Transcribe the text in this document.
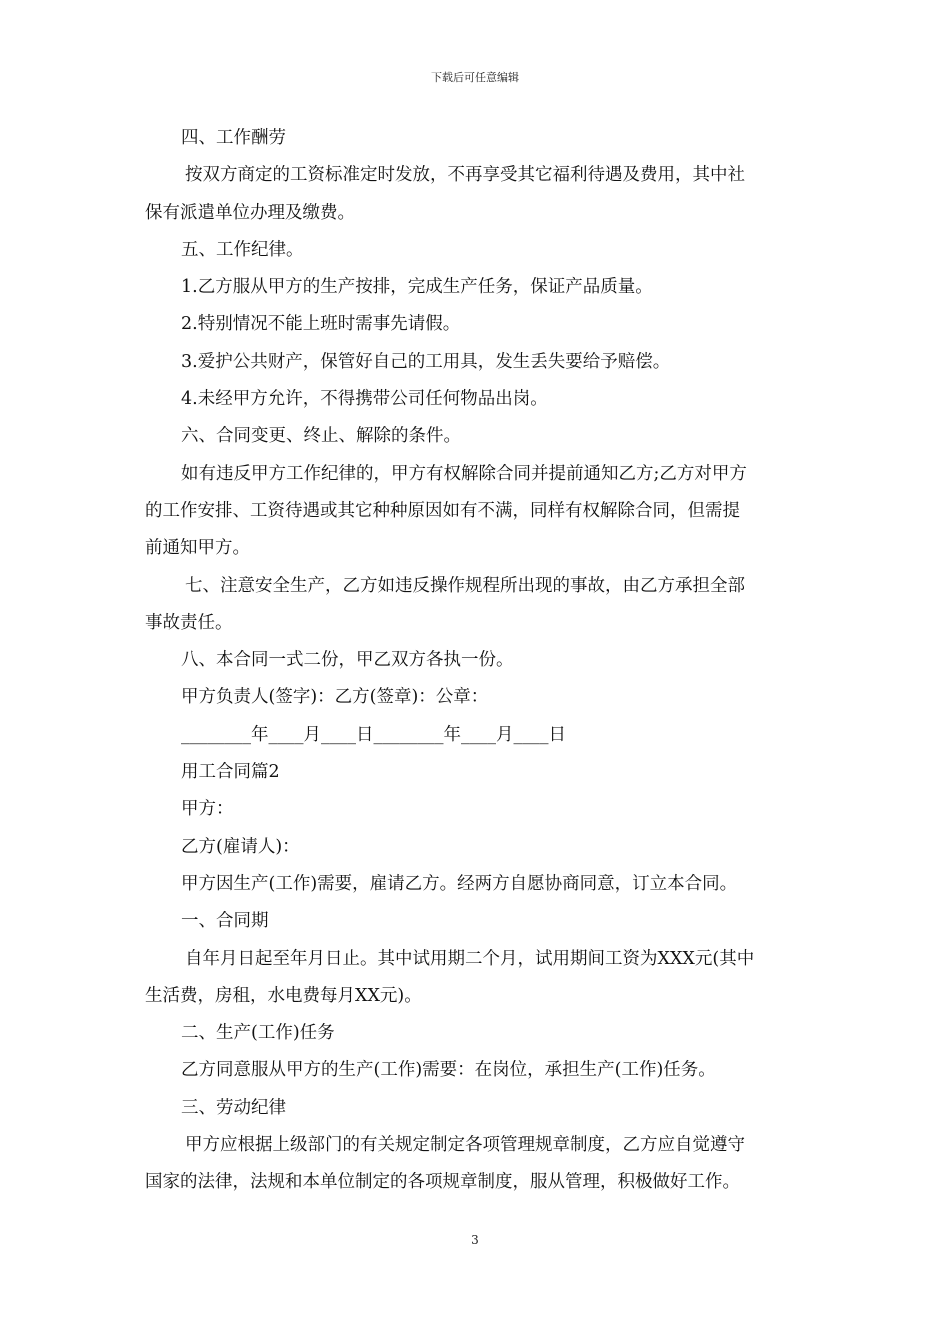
下载后可任意编辑
四、工作酬劳
按双方商定的工资标准定时发放，不再享受其它福利待遇及费用，其中社
保有派遣单位办理及缴费。
五、工作纪律。
1.乙方服从甲方的生产按排，完成生产任务，保证产品质量。
2.特别情况不能上班时需事先请假。
3.爱护公共财产，保管好自己的工用具，发生丢失要给予赔偿。
4.未经甲方允许，不得携带公司任何物品出岗。
六、合同变更、终止、解除的条件。
如有违反甲方工作纪律的，甲方有权解除合同并提前通知乙方;乙方对甲方
的工作安排、工资待遇或其它种种原因如有不满，同样有权解除合同，但需提
前通知甲方。
七、注意安全生产，乙方如违反操作规程所出现的事故，由乙方承担全部
事故责任。
八、本合同一式二份，甲乙双方各执一份。
甲方负责人(签字)：乙方(签章)：公章：
________年____月____日________年____月____日
用工合同篇2
甲方：
乙方(雇请人)：
甲方因生产(工作)需要，雇请乙方。经两方自愿协商同意，订立本合同。
一、合同期
自年月日起至年月日止。其中试用期二个月，试用期间工资为XXX元(其中
生活费，房租，水电费每月XX元)。
二、生产(工作)任务
乙方同意服从甲方的生产(工作)需要：在岗位，承担生产(工作)任务。
三、劳动纪律
甲方应根据上级部门的有关规定制定各项管理规章制度，乙方应自觉遵守
国家的法律，法规和本单位制定的各项规章制度，服从管理，积极做好工作。
3
